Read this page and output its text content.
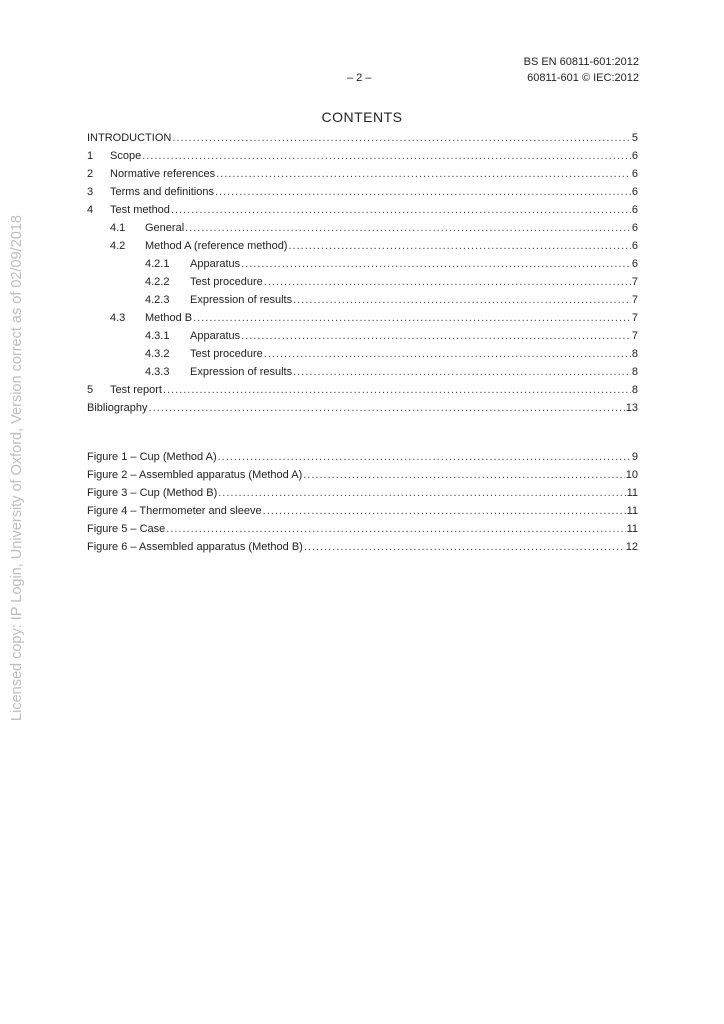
BS EN 60811-601:2012
– 2 –	60811-601 © IEC:2012
CONTENTS
INTRODUCTION .....	5
1	Scope .....	6
2	Normative references .....	6
3	Terms and definitions .....	6
4	Test method .....	6
4.1	General .....	6
4.2	Method A (reference method) .....	6
4.2.1	Apparatus .....	6
4.2.2	Test procedure .....	7
4.2.3	Expression of results .....	7
4.3	Method B .....	7
4.3.1	Apparatus .....	7
4.3.2	Test procedure .....	8
4.3.3	Expression of results .....	8
5	Test report .....	8
Bibliography .....	13
Figure 1 – Cup (Method A) .....	9
Figure 2 – Assembled apparatus (Method A) .....	10
Figure 3 – Cup (Method B) .....	11
Figure 4 – Thermometer and sleeve .....	11
Figure 5 – Case .....	11
Figure 6 – Assembled apparatus (Method B) .....	12
Licensed copy: IP Login, University of Oxford, Version correct as of 02/09/2018
